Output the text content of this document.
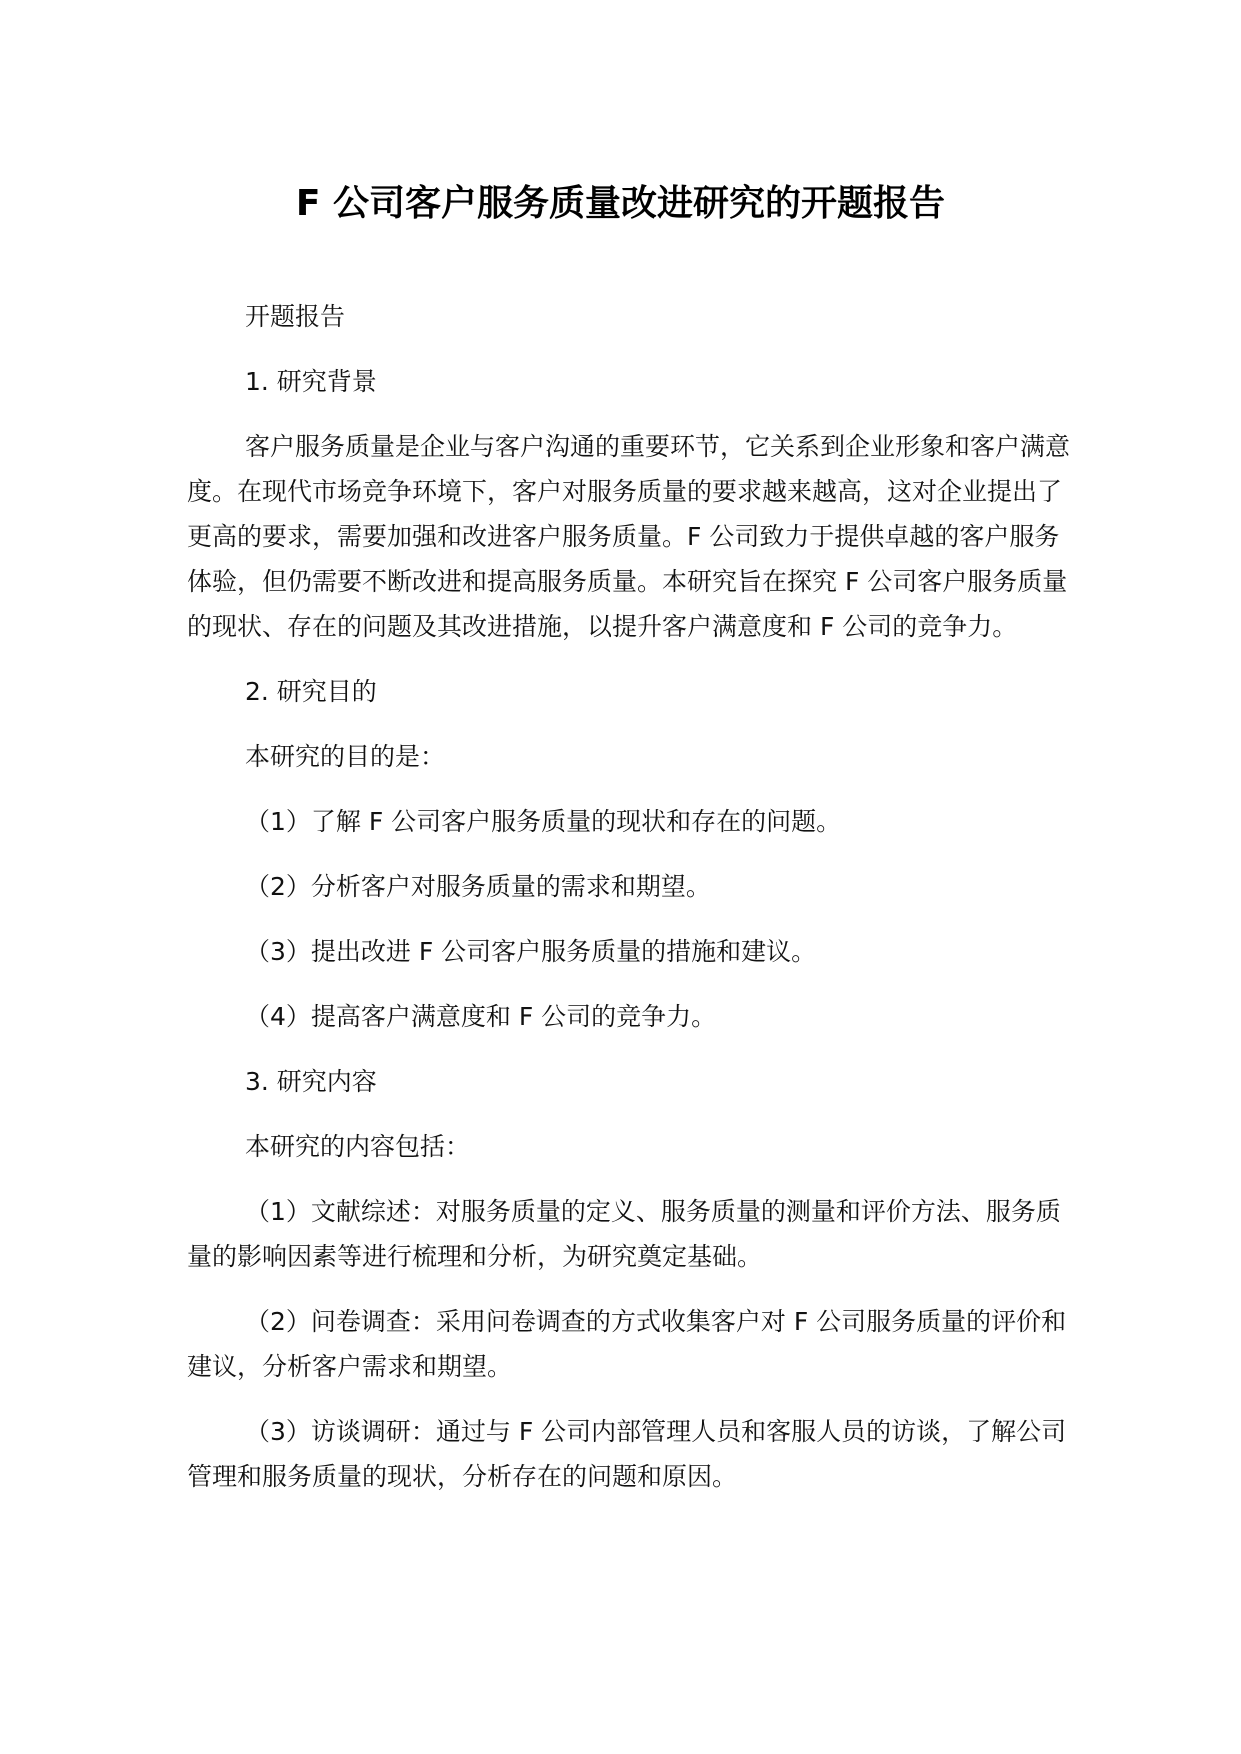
F 公司客户服务质量改进研究的开题报告

开题报告

1. 研究背景

客户服务质量是企业与客户沟通的重要环节，它关系到企业形象和客户满意度。在现代市场竞争环境下，客户对服务质量的要求越来越高，这对企业提出了更高的要求，需要加强和改进客户服务质量。F 公司致力于提供卓越的客户服务体验，但仍需要不断改进和提高服务质量。本研究旨在探究 F 公司客户服务质量的现状、存在的问题及其改进措施，以提升客户满意度和 F 公司的竞争力。

2. 研究目的

本研究的目的是：

（1）了解 F 公司客户服务质量的现状和存在的问题。

（2）分析客户对服务质量的需求和期望。

（3）提出改进 F 公司客户服务质量的措施和建议。

（4）提高客户满意度和 F 公司的竞争力。

3. 研究内容

本研究的内容包括：

（1）文献综述：对服务质量的定义、服务质量的测量和评价方法、服务质量的影响因素等进行梳理和分析，为研究奠定基础。

（2）问卷调查：采用问卷调查的方式收集客户对 F 公司服务质量的评价和建议，分析客户需求和期望。

（3）访谈调研：通过与 F 公司内部管理人员和客服人员的访谈，了解公司管理和服务质量的现状，分析存在的问题和原因。
